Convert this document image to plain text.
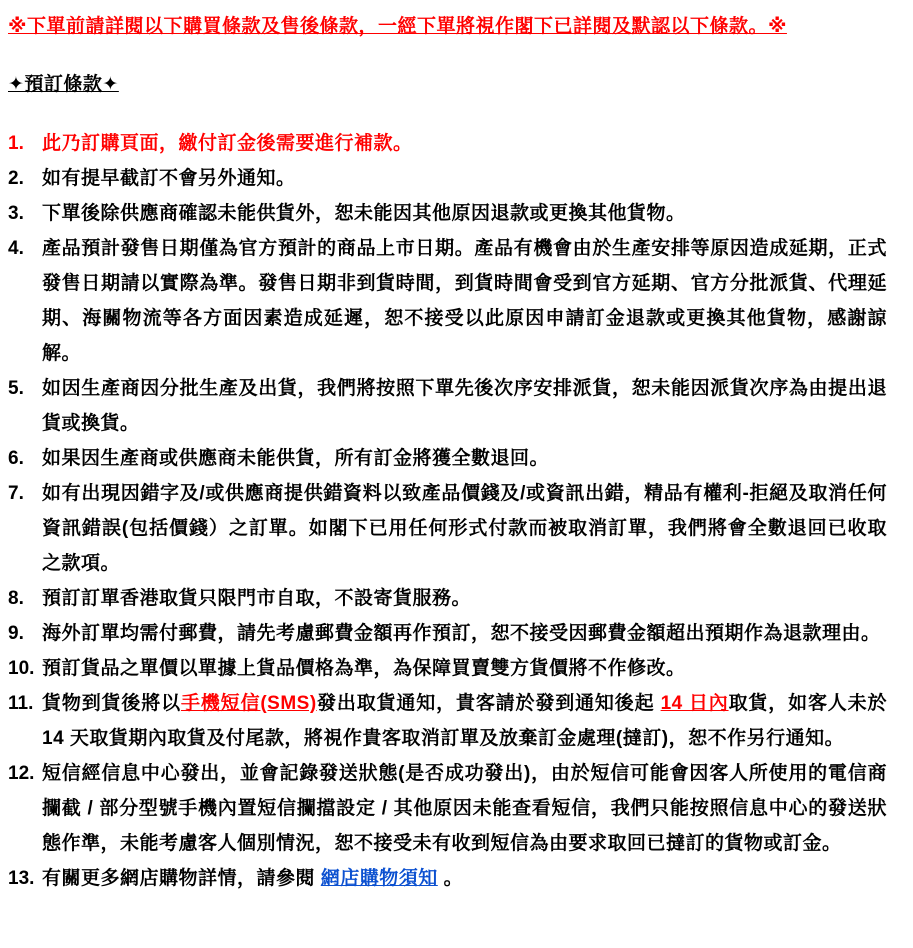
※下單前請詳閱以下購買條款及售後條款，一經下單將視作閣下已詳閱及默認以下條款。※
✦預訂條款✦
1. 此乃訂購頁面，繳付訂金後需要進行補款。
2. 如有提早截訂不會另外通知。
3. 下單後除供應商確認未能供貨外，恕未能因其他原因退款或更換其他貨物。
4. 產品預計發售日期僅為官方預計的商品上市日期。產品有機會由於生產安排等原因造成延期，正式發售日期請以實際為準。發售日期非到貨時間，到貨時間會受到官方延期、官方分批派貨、代理延期、海關物流等各方面因素造成延遲，恕不接受以此原因申請訂金退款或更換其他貨物，感謝諒解。
5. 如因生產商因分批生產及出貨，我們將按照下單先後次序安排派貨，恕未能因派貨次序為由提出退貨或換貨。
6. 如果因生產商或供應商未能供貨，所有訂金將獲全數退回。
7. 如有出現因錯字及/或供應商提供錯資料以致產品價錢及/或資訊出錯，精品有權利-拒絕及取消任何資訊錯誤(包括價錢）之訂單。如閣下已用任何形式付款而被取消訂單，我們將會全數退回已收取之款項。
8. 預訂訂單香港取貨只限門市自取，不設寄貨服務。
9. 海外訂單均需付郵費，請先考慮郵費金額再作預訂，恕不接受因郵費金額超出預期作為退款理由。
10. 預訂貨品之單價以單據上貨品價格為準，為保障買賣雙方貨價將不作修改。
11. 貨物到貨後將以手機短信(SMS)發出取貨通知，貴客請於發到通知後起 14 日內取貨，如客人未於 14 天取貨期內取貨及付尾款，將視作貴客取消訂單及放棄訂金處理(撻訂)，恕不作另行通知。
12. 短信經信息中心發出，並會記錄發送狀態(是否成功發出)，由於短信可能會因客人所使用的電信商攔截 / 部分型號手機內置短信攔擋設定 / 其他原因未能查看短信，我們只能按照信息中心的發送狀態作準，未能考慮客人個別情況，恕不接受未有收到短信為由要求取回已撻訂的貨物或訂金。
13. 有關更多網店購物詳情，請參閱 網店購物須知 。
